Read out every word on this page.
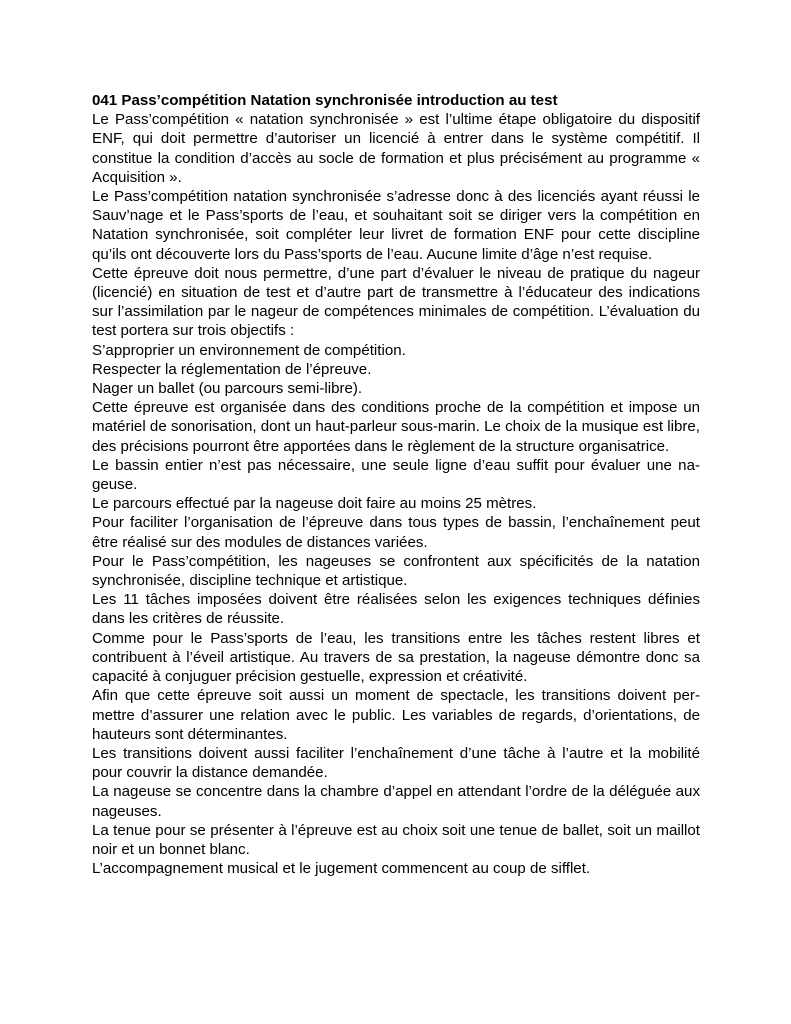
041 Pass’compétition Natation synchronisée introduction au test

Le Pass’compétition « natation synchronisée » est l’ultime étape obligatoire du dispositif ENF, qui doit permettre d’autoriser un licencié à entrer dans le système compétitif. Il constitue la condition d’accès au socle de formation et plus précisément au programme « Acquisition ».

Le Pass’compétition natation synchronisée s’adresse donc à des licenciés ayant réussi le Sauv’nage et le Pass’sports de l’eau, et souhaitant soit se diriger vers la compétition en Natation synchronisée, soit compléter leur livret de formation ENF pour cette discipline qu’ils ont découverte lors du Pass’sports de l’eau. Aucune limite d’âge n’est requise.

Cette épreuve doit nous permettre, d’une part d’évaluer le niveau de pratique du nageur (licencié) en situation de test et d’autre part de transmettre à l’éducateur des indications sur l’assimilation par le nageur de compétences minimales de compétition. L’évaluation du test portera sur trois objectifs :

S’approprier un environnement de compétition.

Respecter la réglementation de l’épreuve.

Nager un ballet (ou parcours semi-libre).

Cette épreuve est organisée dans des conditions proche de la compétition et impose un matériel de sonorisation, dont un haut-parleur sous-marin. Le choix de la musique est libre, des précisions pourront être apportées dans le règlement de la structure organisatrice.

Le bassin entier n’est pas nécessaire, une seule ligne d’eau suffit pour évaluer une nageuse.

Le parcours effectué par la nageuse doit faire au moins 25 mètres.

Pour faciliter l’organisation de l’épreuve dans tous types de bassin, l’enchaînement peut être réalisé sur des modules de distances variées.

Pour le Pass’compétition, les nageuses se confrontent aux spécificités de la natation synchronisée, discipline technique et artistique.

Les 11 tâches imposées doivent être réalisées selon les exigences techniques définies dans les critères de réussite.

Comme pour le Pass’sports de l’eau, les transitions entre les tâches restent libres et contribuent à l’éveil artistique. Au travers de sa prestation, la nageuse démontre donc sa capacité à conjuguer précision gestuelle, expression et créativité.

Afin que cette épreuve soit aussi un moment de spectacle, les transitions doivent permettre d’assurer une relation avec le public. Les variables de regards, d’orientations, de hauteurs sont déterminantes.

Les transitions doivent aussi faciliter l’enchaînement d’une tâche à l’autre et la mobilité pour couvrir la distance demandée.

La nageuse se concentre dans la chambre d’appel en attendant l’ordre de la déléguée aux nageuses.

La tenue pour se présenter à l’épreuve est au choix soit une tenue de ballet, soit un maillot noir et un bonnet blanc.

L’accompagnement musical et le jugement commencent au coup de sifflet.
